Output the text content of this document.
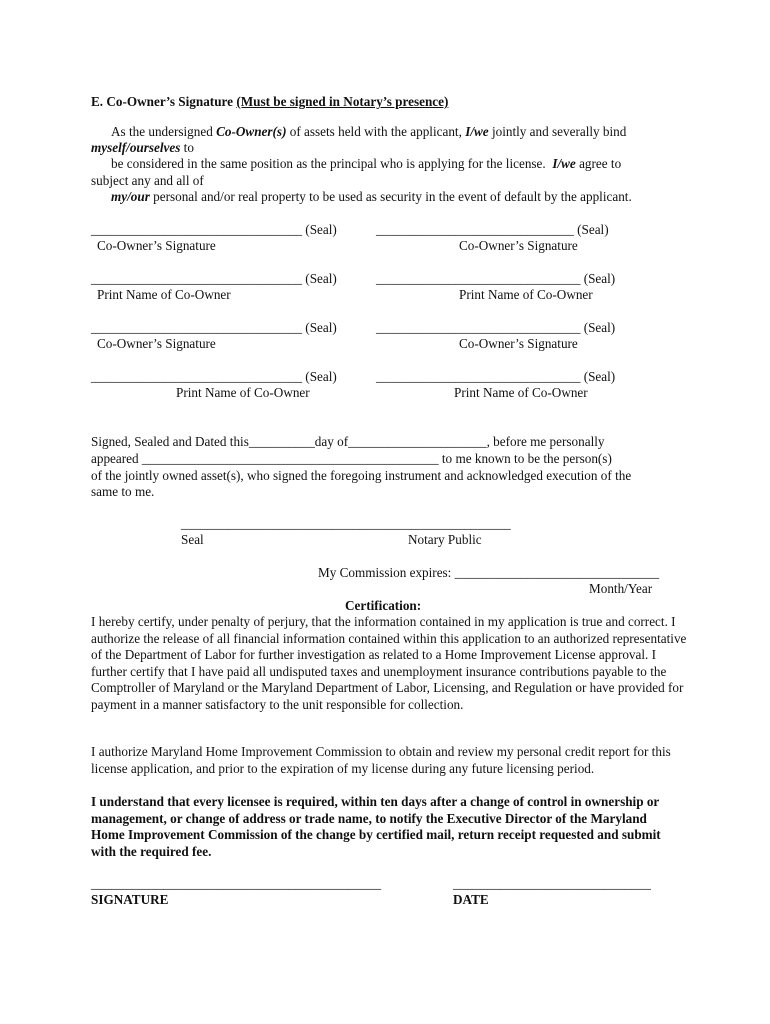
E. Co-Owner’s Signature (Must be signed in Notary’s presence)
As the undersigned Co-Owner(s) of assets held with the applicant, I/we jointly and severally bind
myself/ourselves to
be considered in the same position as the principal who is applying for the license. I/we agree to
subject any and all of
my/our personal and/or real property to be used as security in the event of default by the applicant.
________________________________ (Seal)	______________________________ (Seal)
Co-Owner’s Signature	Co-Owner’s Signature
________________________________ (Seal)	_______________________________ (Seal)
Print Name of Co-Owner	Print Name of Co-Owner
________________________________ (Seal)	_______________________________ (Seal)
Co-Owner’s Signature	Co-Owner’s Signature
________________________________ (Seal)	_______________________________ (Seal)
Print Name of Co-Owner	Print Name of Co-Owner
Signed, Sealed and Dated this__________day of_____________________, before me personally
appeared _____________________________________________ to me known to be the person(s)
of the jointly owned asset(s), who signed the foregoing instrument and acknowledged execution of the
same to me.
__________________________________________________
Seal	Notary Public
My Commission expires: _______________________________
Month/Year
Certification:
I hereby certify, under penalty of perjury, that the information contained in my application is true and correct. I authorize the release of all financial information contained within this application to an authorized representative of the Department of Labor for further investigation as related to a Home Improvement License approval. I further certify that I have paid all undisputed taxes and unemployment insurance contributions payable to the Comptroller of Maryland or the Maryland Department of Labor, Licensing, and Regulation or have provided for payment in a manner satisfactory to the unit responsible for collection.
I authorize Maryland Home Improvement Commission to obtain and review my personal credit report for this license application, and prior to the expiration of my license during any future licensing period.
I understand that every licensee is required, within ten days after a change of control in ownership or management, or change of address or trade name, to notify the Executive Director of the Maryland Home Improvement Commission of the change by certified mail, return receipt requested and submit with the required fee.
____________________________________________	______________________________
SIGNATURE	DATE
